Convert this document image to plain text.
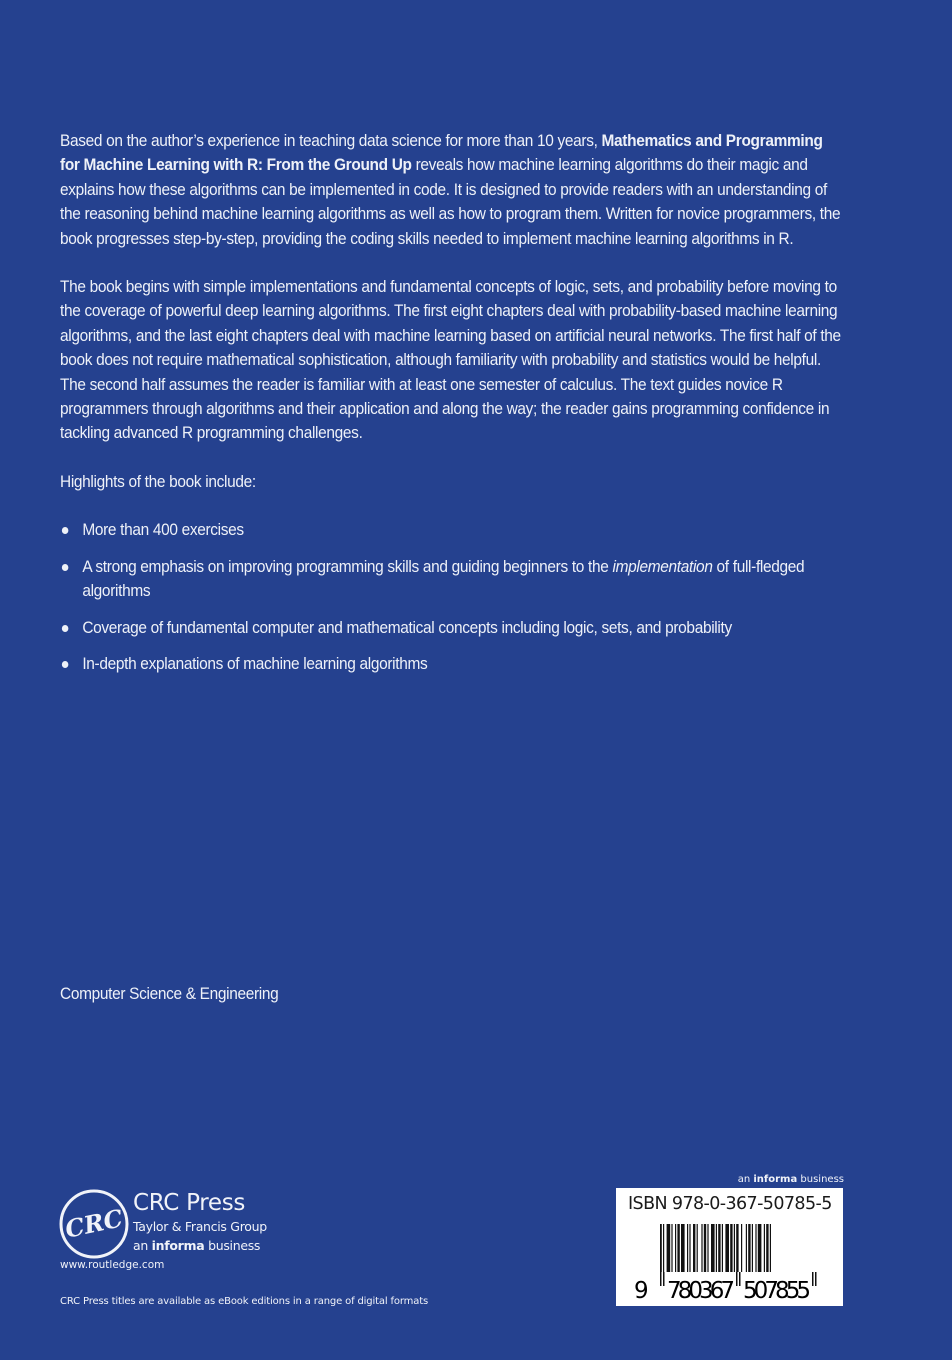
Based on the author’s experience in teaching data science for more than 10 years, Mathematics and Programming for Machine Learning with R: From the Ground Up reveals how machine learning algorithms do their magic and explains how these algorithms can be implemented in code. It is designed to provide readers with an understanding of the reasoning behind machine learning algorithms as well as how to program them. Written for novice programmers, the book progresses step-by-step, providing the coding skills needed to implement machine learning algorithms in R.

The book begins with simple implementations and fundamental concepts of logic, sets, and probability before moving to the coverage of powerful deep learning algorithms. The first eight chapters deal with probability-based machine learning algorithms, and the last eight chapters deal with machine learning based on artificial neural networks. The first half of the book does not require mathematical sophistication, although familiarity with probability and statistics would be helpful. The second half assumes the reader is familiar with at least one semester of calculus. The text guides novice R programmers through algorithms and their application and along the way; the reader gains programming confidence in tackling advanced R programming challenges.

Highlights of the book include:

More than 400 exercises
A strong emphasis on improving programming skills and guiding beginners to the implementation of full-fledged algorithms
Coverage of fundamental computer and mathematical concepts including logic, sets, and probability
In-depth explanations of machine learning algorithms
Computer Science & Engineering
CRC
CRC Press
Taylor & Francis Group
an informa business
www.routledge.com
CRC Press titles are available as eBook editions in a range of digital formats
an informa business
ISBN 978-0-367-50785-5
9 780367 507855
